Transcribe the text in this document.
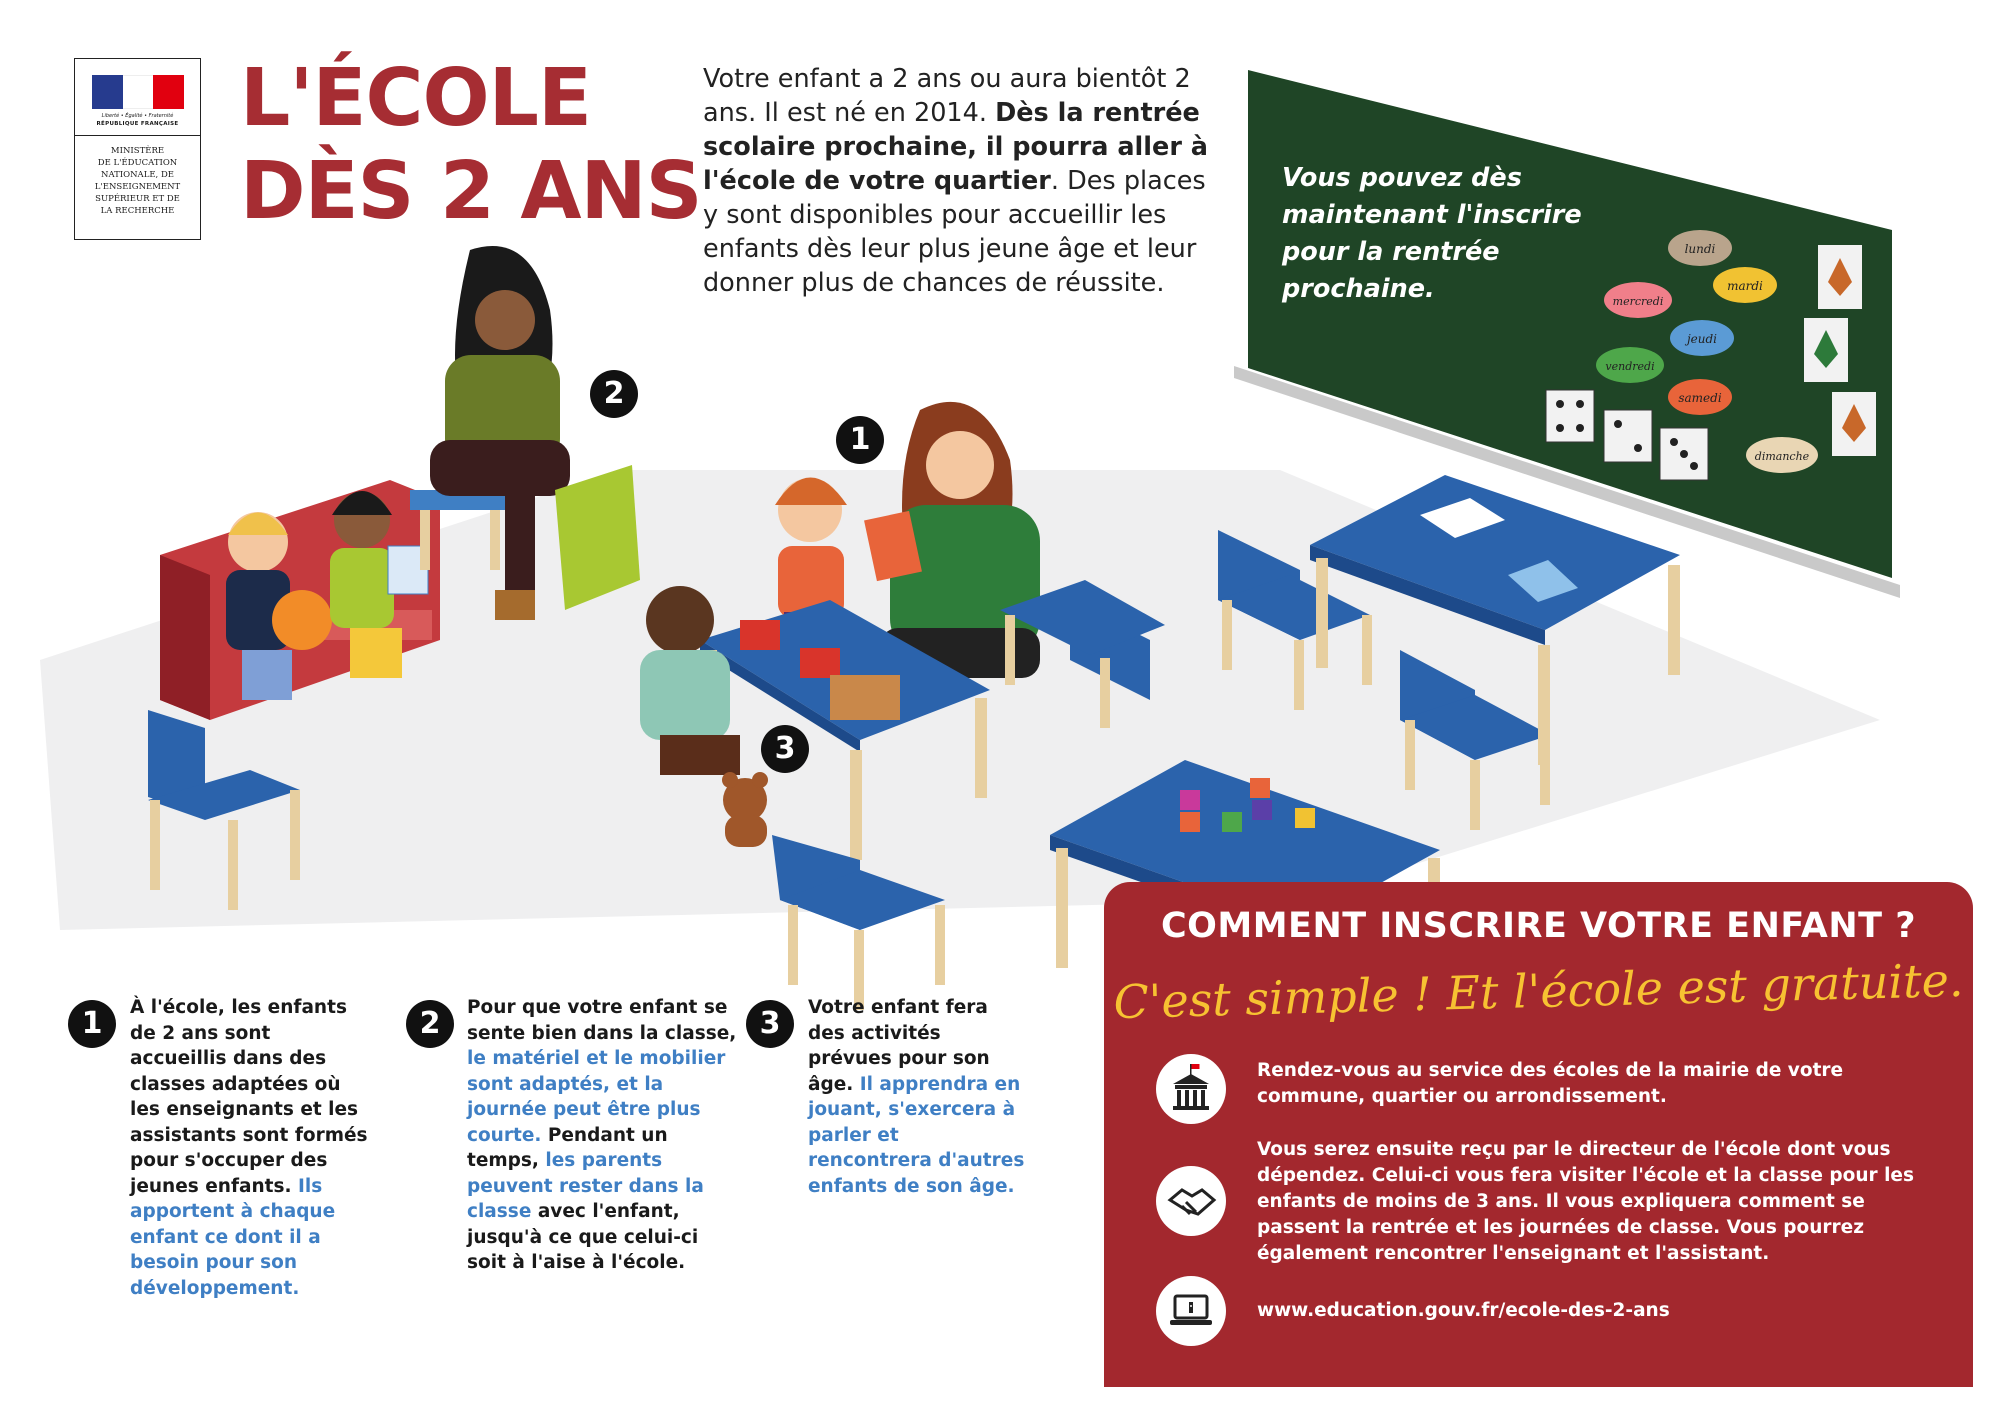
Liberté • Égalité • Fraternité
RÉPUBLIQUE FRANÇAISE
MINISTÈRE
DE L'ÉDUCATION
NATIONALE, DE
L'ENSEIGNEMENT
SUPÉRIEUR ET DE
LA RECHERCHE
L'ÉCOLE
DÈS 2 ANS
Votre enfant a 2 ans ou aura bientôt 2 ans. Il est né en 2014. Dès la rentrée scolaire prochaine, il pourra aller à l'école de votre quartier. Des places y sont disponibles pour accueillir les enfants dès leur plus jeune âge et leur donner plus de chances de réussite.
lundi
mardi
mercredi
jeudi
vendredi
samedi
dimanche
Vous pouvez dès maintenant l'inscrire pour la rentrée prochaine.
1
2
3
1	À l'école, les enfants de 2 ans sont accueillis dans des classes adaptées où les enseignants et les assistants sont formés pour s'occuper des jeunes enfants. Ils apportent à chaque enfant ce dont il a besoin pour son développement.
2	Pour que votre enfant se sente bien dans la classe, le matériel et le mobilier sont adaptés, et la journée peut être plus courte. Pendant un temps, les parents peuvent rester dans la classe avec l'enfant, jusqu'à ce que celui-ci soit à l'aise à l'école.
3	Votre enfant fera des activités prévues pour son âge. Il apprendra en jouant, s'exercera à parler et rencontrera d'autres enfants de son âge.
COMMENT INSCRIRE VOTRE ENFANT ?
C'est simple ! Et l'école est gratuite.
Rendez-vous au service des écoles de la mairie de votre commune, quartier ou arrondissement.
Vous serez ensuite reçu par le directeur de l'école dont vous dépendez. Celui-ci vous fera visiter l'école et la classe pour les enfants de moins de 3 ans. Il vous expliquera comment se passent la rentrée et les journées de classe. Vous pourrez également rencontrer l'enseignant et l'assistant.
www.education.gouv.fr/ecole-des-2-ans
